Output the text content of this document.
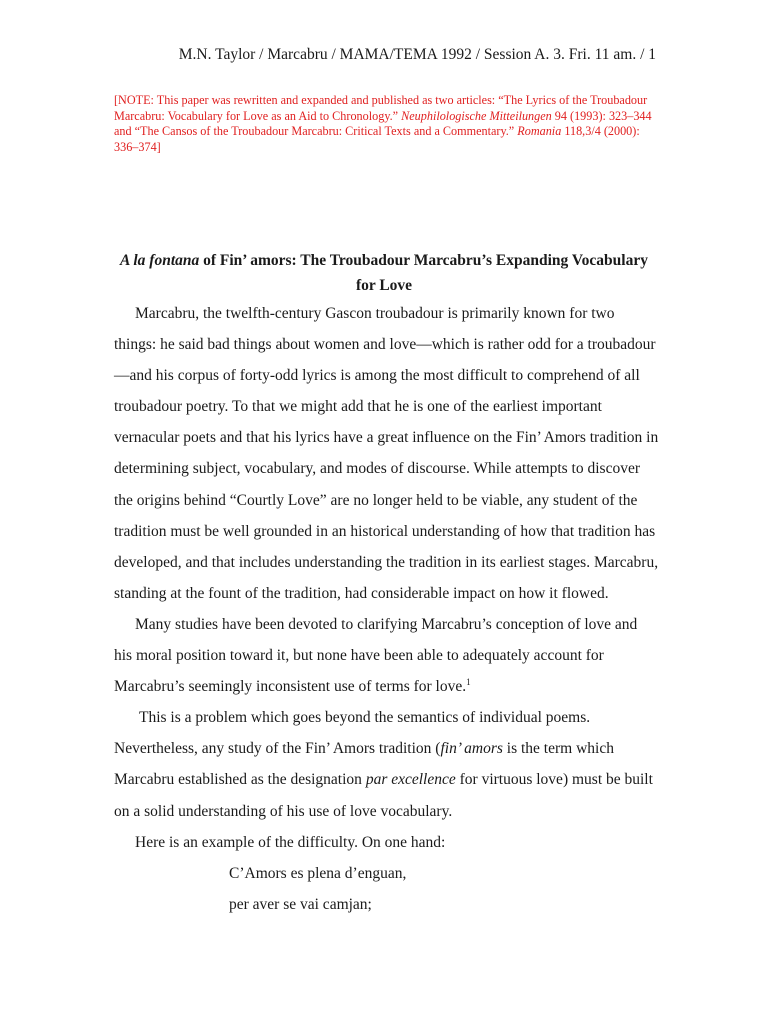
M.N. Taylor / Marcabru / MAMA/TEMA 1992 / Session A. 3. Fri. 11 am. / 1
[NOTE: This paper was rewritten and expanded and published as two articles: “The Lyrics of the Troubadour Marcabru: Vocabulary for Love as an Aid to Chronology.” Neuphilologische Mitteilungen 94 (1993): 323–344 and “The Cansos of the Troubadour Marcabru: Critical Texts and a Commentary.” Romania 118,3/4 (2000): 336–374]
A la fontana of Fin’ amors: The Troubadour Marcabru’s Expanding Vocabulary for Love

Marcabru, the twelfth-century Gascon troubadour is primarily known for two things: he said bad things about women and love—which is rather odd for a troubadour—and his corpus of forty-odd lyrics is among the most difficult to comprehend of all troubadour poetry. To that we might add that he is one of the earliest important vernacular poets and that his lyrics have a great influence on the Fin’ Amors tradition in determining subject, vocabulary, and modes of discourse. While attempts to discover the origins behind “Courtly Love” are no longer held to be viable, any student of the tradition must be well grounded in an historical understanding of how that tradition has developed, and that includes understanding the tradition in its earliest stages. Marcabru, standing at the fount of the tradition, had considerable impact on how it flowed.

Many studies have been devoted to clarifying Marcabru’s conception of love and his moral position toward it, but none have been able to adequately account for Marcabru’s seemingly inconsistent use of terms for love.$^1$

This is a problem which goes beyond the semantics of individual poems. Nevertheless, any study of the Fin’ Amors tradition (fin’ amors is the term which Marcabru established as the designation par excellence for virtuous love) must be built on a solid understanding of his use of love vocabulary.

Here is an example of the difficulty. On one hand:

C’Amors es plena d’enguan,
per aver se vai camjan;
